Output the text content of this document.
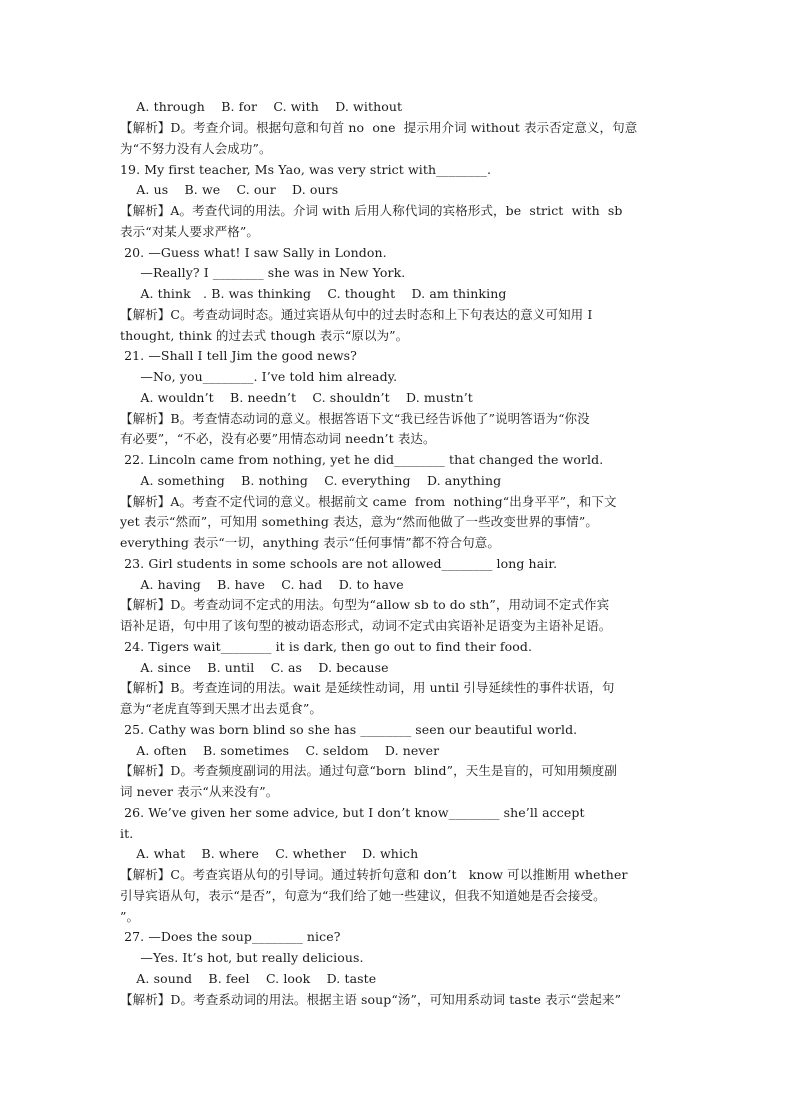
A. through    B. for    C. with    D. without
【解析】D。考查介词。根据句意和句首 no  one  提示用介词 without 表示否定意义，句意
为“不努力没有人会成功”。
19. My first teacher, Ms Yao, was very strict with________.
A. us    B. we    C. our    D. ours
【解析】A。考查代词的用法。介词 with 后用人称代词的宾格形式，be  strict  with  sb
表示“对某人要求严格”。
20. —Guess what! I saw Sally in London.
—Really? I ________ she was in New York.
A. think   . B. was thinking    C. thought    D. am thinking
【解析】C。考查动词时态。通过宾语从句中的过去时态和上下句表达的意义可知用 I
thought, think 的过去式 though 表示“原以为”。
21. —Shall I tell Jim the good news?
—No, you________. I’ve told him already.
A. wouldn’t    B. needn’t    C. shouldn’t    D. mustn’t
【解析】B。考查情态动词的意义。根据答语下文“我已经告诉他了”说明答语为“你没
有必要”，“不必，没有必要”用情态动词 needn’t 表达。
22. Lincoln came from nothing, yet he did________ that changed the world.
A. something    B. nothing    C. everything    D. anything
【解析】A。考查不定代词的意义。根据前文 came  from  nothing“出身平平”，和下文
yet 表示“然而”，可知用 something 表达，意为“然而他做了一些改变世界的事情”。
everything 表示“一切，anything 表示“任何事情”都不符合句意。
23. Girl students in some schools are not allowed________ long hair.
A. having    B. have    C. had    D. to have
【解析】D。考查动词不定式的用法。句型为“allow sb to do sth”，用动词不定式作宾
语补足语，句中用了该句型的被动语态形式，动词不定式由宾语补足语变为主语补足语。
24. Tigers wait________ it is dark, then go out to find their food.
A. since    B. until    C. as    D. because
【解析】B。考查连词的用法。wait 是延续性动词，用 until 引导延续性的事件状语，句
意为“老虎直等到天黑才出去觅食”。
25. Cathy was born blind so she has ________ seen our beautiful world.
A. often    B. sometimes    C. seldom    D. never
【解析】D。考查频度副词的用法。通过句意“born  blind”，天生是盲的，可知用频度副
词 never 表示“从来没有”。
26. We’ve given her some advice, but I don’t know________ she’ll accept
it.
A. what    B. where    C. whether    D. which
【解析】C。考查宾语从句的引导词。通过转折句意和 don’t   know 可以推断用 whether
引导宾语从句，表示“是否”，句意为“我们给了她一些建议，但我不知道她是否会接受。
”。
27. —Does the soup________ nice?
—Yes. It’s hot, but really delicious.
A. sound    B. feel    C. look    D. taste
【解析】D。考查系动词的用法。根据主语 soup“汤”，可知用系动词 taste 表示“尝起来”
